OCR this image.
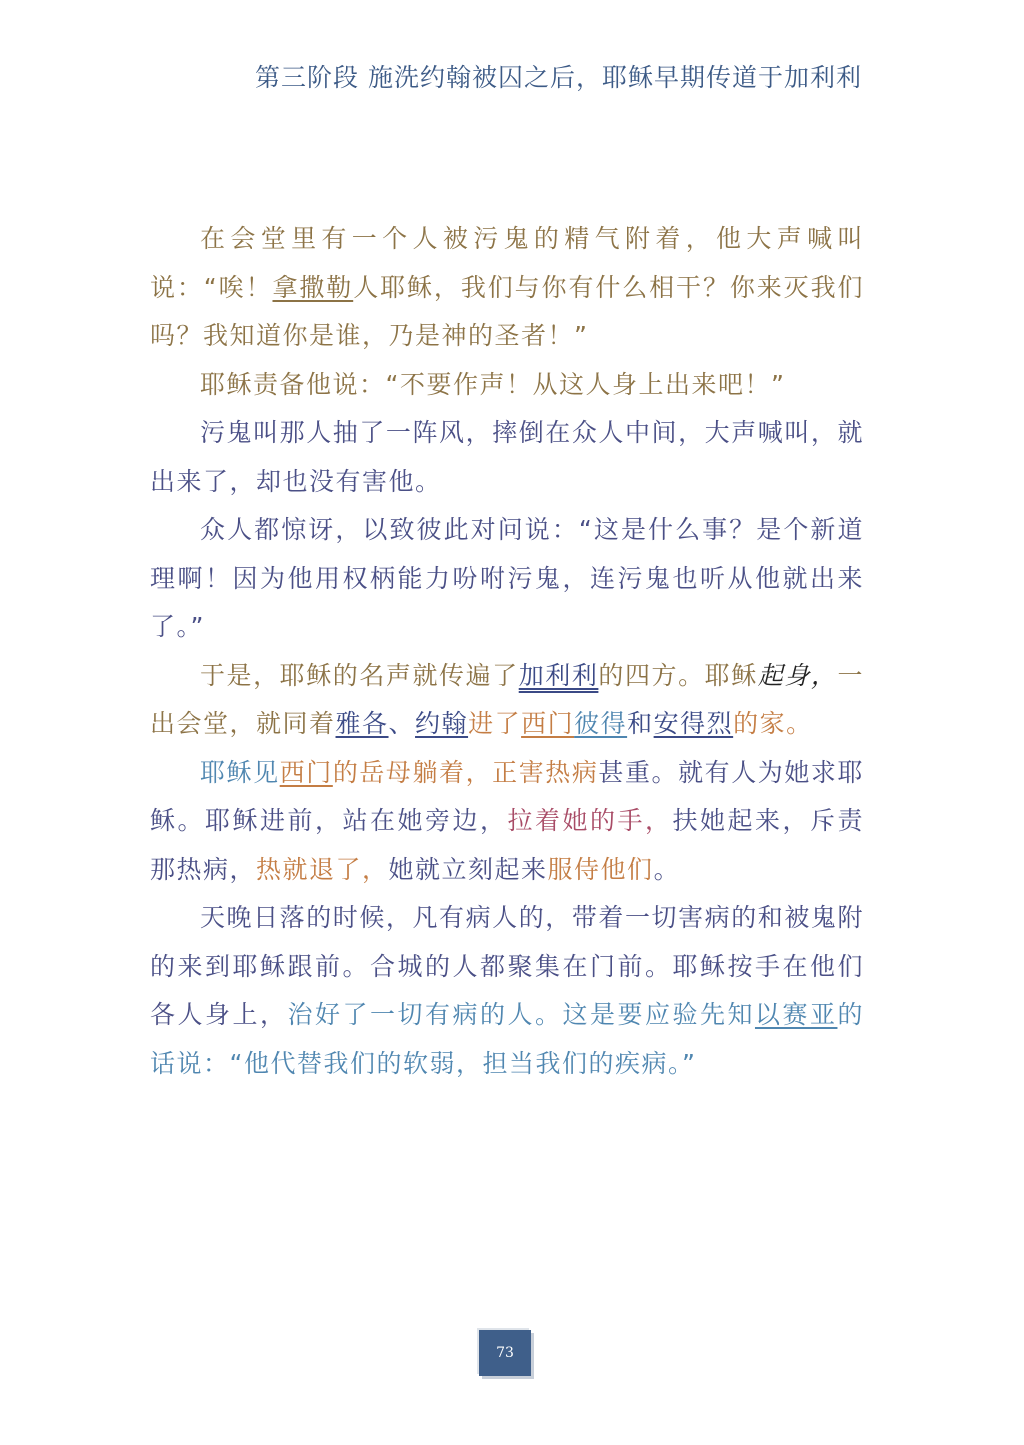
第三阶段 施洗约翰被囚之后，耶稣早期传道于加利利

在会堂里有一个人被污鬼的精气附着，他大声喊叫说：“唉！拿撒勒人耶稣，我们与你有什么相干？你来灭我们吗？我知道你是谁，乃是神的圣者！”

耶稣责备他说：“不要作声！从这人身上出来吧！”

污鬼叫那人抽了一阵风，摔倒在众人中间，大声喊叫，就出来了，却也没有害他。

众人都惊讶，以致彼此对问说：“这是什么事？是个新道理啊！因为他用权柄能力吩咐污鬼，连污鬼也听从他就出来了。”

于是，耶稣的名声就传遍了加利利的四方。耶稣起身，一出会堂，就同着雅各、约翰进了西门彼得和安得烈的家。

耶稣见西门的岳母躺着，正害热病甚重。就有人为她求耶稣。耶稣进前，站在她旁边，拉着她的手，扶她起来，斥责那热病，热就退了，她就立刻起来服侍他们。

天晚日落的时候，凡有病人的，带着一切害病的和被鬼附的来到耶稣跟前。合城的人都聚集在门前。耶稣按手在他们各人身上，治好了一切有病的人。这是要应验先知以赛亚的话说：“他代替我们的软弱，担当我们的疾病。”

73
